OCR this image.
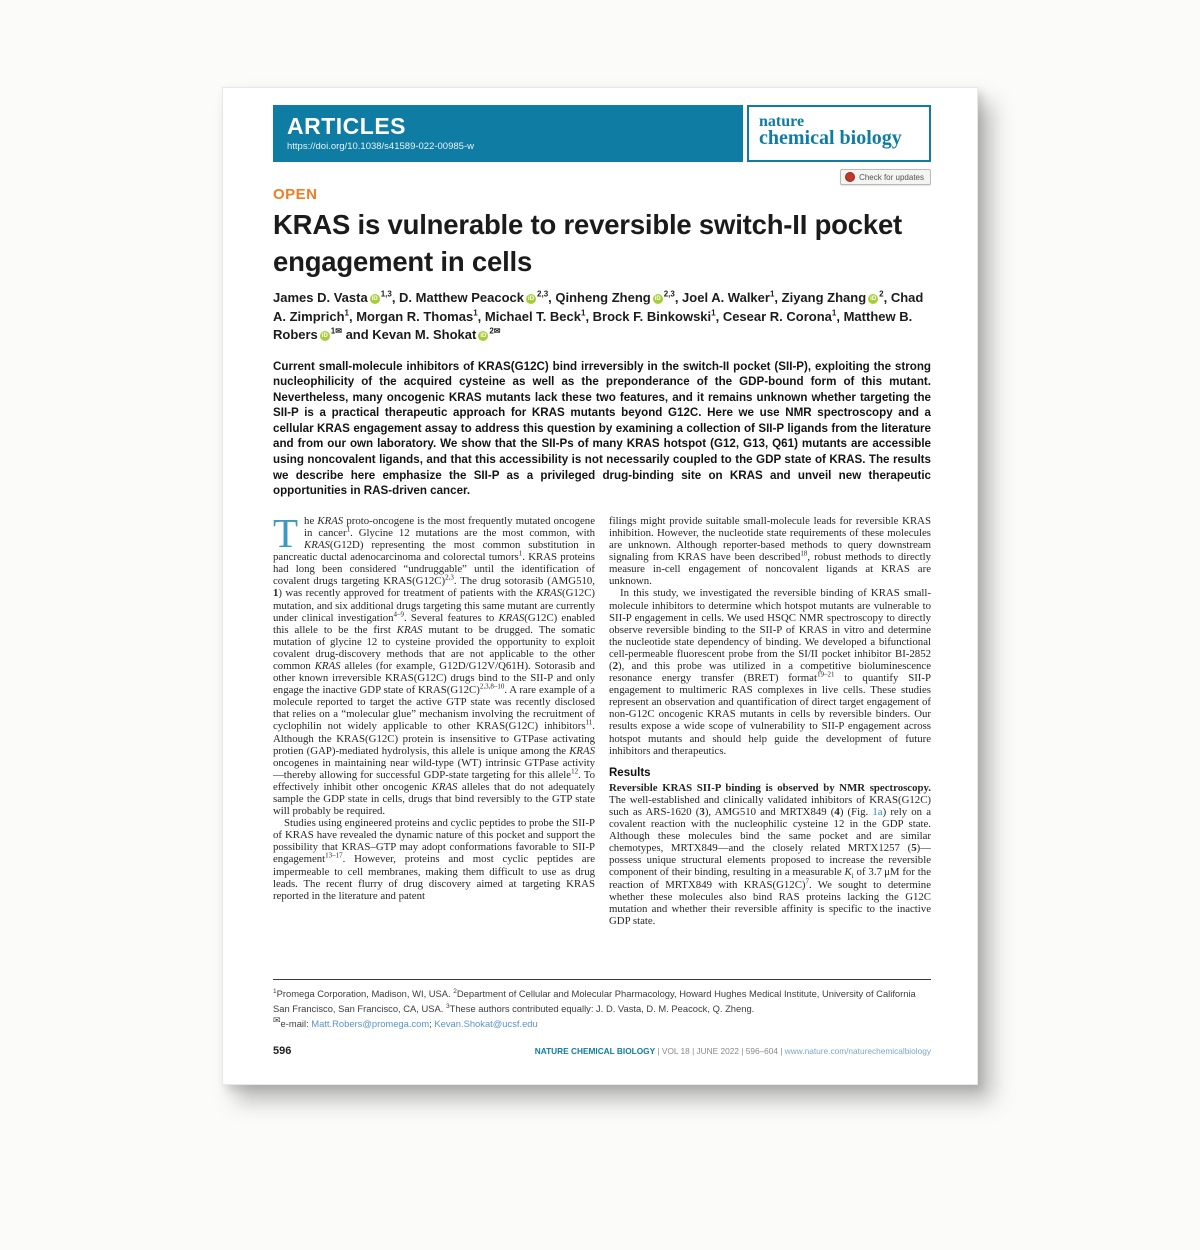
ARTICLES
https://doi.org/10.1038/s41589-022-00985-w
nature
chemical biology
Check for updates
OPEN
KRAS is vulnerable to reversible switch-II pocket engagement in cells
James D. Vasta iD$^{1,3}$, D. Matthew Peacock iD$^{2,3}$, Qinheng Zheng iD$^{2,3}$, Joel A. Walker$^1$, Ziyang Zhang $iD^2$, Chad A. Zimprich$^1$, Morgan R. Thomas$^1$, Michael T. Beck$^1$, Brock F. Binkowski$^1$, Cesear R. Corona$^1$, Matthew B. Robers $iD^{1✉}$ and Kevan M. Shokat $iD^{2✉}$
Current small-molecule inhibitors of KRAS(G12C) bind irreversibly in the switch-II pocket (SII-P), exploiting the strong nucleophilicity of the acquired cysteine as well as the preponderance of the GDP-bound form of this mutant. Nevertheless, many oncogenic KRAS mutants lack these two features, and it remains unknown whether targeting the SII-P is a practical therapeutic approach for KRAS mutants beyond G12C. Here we use NMR spectroscopy and a cellular KRAS engagement assay to address this question by examining a collection of SII-P ligands from the literature and from our own laboratory. We show that the SII-Ps of many KRAS hotspot (G12, G13, Q61) mutants are accessible using noncovalent ligands, and that this accessibility is not necessarily coupled to the GDP state of KRAS. The results we describe here emphasize the SII-P as a privileged drug-binding site on KRAS and unveil new therapeutic opportunities in RAS-driven cancer.

The KRAS proto-oncogene is the most frequently mutated oncogene in cancer$^1$. Glycine 12 mutations are the most common, with KRAS(G12D) representing the most common substitution in pancreatic ductal adenocarcinoma and colorectal tumors$^1$. KRAS proteins had long been considered “undruggable” until the identification of covalent drugs targeting $KRAS(G12C)^{2,3}$. The drug sotorasib (AMG510, 1) was recently approved for treatment of patients with the KRAS(G12C) mutation, and six additional drugs targeting this same mutant are currently under clinical investigation$^{4-9}$. Several features to KRAS(G12C) enabled this allele to be the first KRAS mutant to be drugged. The somatic mutation of glycine 12 to cysteine provided the opportunity to exploit covalent drug-discovery methods that are not applicable to the other common KRAS alleles (for example, G12D/G12V/Q61H). Sotorasib and other known irreversible KRAS(G12C) drugs bind to the SII-P and only engage the inactive GDP state of $KRAS(G12C)^{2,3,8-10}$. A rare example of a molecule reported to target the active GTP state was recently disclosed that relies on a “molecular glue” mechanism involving the recruitment of cyclophilin not widely applicable to other KRAS(G12C) inhibitors$^{11}$. Although the KRAS(G12C) protein is insensitive to GTPase activating protien (GAP)-mediated hydrolysis, this allele is unique among the KRAS oncogenes in maintaining near wild-type (WT) intrinsic GTPase activity—thereby allowing for successful GDP-state targeting for this allele$^{12}$. To effectively inhibit other oncogenic KRAS alleles that do not adequately sample the GDP state in cells, drugs that bind reversibly to the GTP state will probably be required.

Studies using engineered proteins and cyclic peptides to probe the SII-P of KRAS have revealed the dynamic nature of this pocket and support the possibility that KRAS–GTP may adopt conformations favorable to SII-P engagement$^{13-17}$. However, proteins and most cyclic peptides are impermeable to cell membranes, making them difficult to use as drug leads. The recent flurry of drug discovery aimed at targeting KRAS reported in the literature and patent

filings might provide suitable small-molecule leads for reversible KRAS inhibition. However, the nucleotide state requirements of these molecules are unknown. Although reporter-based methods to query downstream signaling from KRAS have been described$^{18}$, robust methods to directly measure in-cell engagement of noncovalent ligands at KRAS are unknown.

In this study, we investigated the reversible binding of KRAS small-molecule inhibitors to determine which hotspot mutants are vulnerable to SII-P engagement in cells. We used HSQC NMR spectroscopy to directly observe reversible binding to the SII-P of KRAS in vitro and determine the nucleotide state dependency of binding. We developed a bifunctional cell-permeable fluorescent probe from the SI/II pocket inhibitor BI-2852 (2), and this probe was utilized in a competitive bioluminescence resonance energy transfer (BRET) format$^{19-21}$ to quantify SII-P engagement to multimeric RAS complexes in live cells. These studies represent an observation and quantification of direct target engagement of non-G12C oncogenic KRAS mutants in cells by reversible binders. Our results expose a wide scope of vulnerability to SII-P engagement across hotspot mutants and should help guide the development of future inhibitors and therapeutics.

Results

Reversible KRAS SII-P binding is observed by NMR spectroscopy. The well-established and clinically validated inhibitors of KRAS(G12C) such as ARS-1620 (3), AMG510 and MRTX849 (4) (Fig. 1a) rely on a covalent reaction with the nucleophilic cysteine 12 in the GDP state. Although these molecules bind the same pocket and are similar chemotypes, MRTX849—and the closely related MRTX1257 (5)—possess unique structural elements proposed to increase the reversible component of their binding, resulting in a measurable $K_i$ of 3.7 μM for the reaction of MRTX849 with $KRAS(G12C)^7$. We sought to determine whether these molecules also bind RAS proteins lacking the G12C mutation and whether their reversible affinity is specific to the inactive GDP state.

$^1$Promega Corporation, Madison, WI, USA. $^2$Department of Cellular and Molecular Pharmacology, Howard Hughes Medical Institute, University of California San Francisco, San Francisco, CA, USA. $^3$These authors contributed equally: J. D. Vasta, D. M. Peacock, Q. Zheng.
✉e-mail: Matt.Robers@promega.com; Kevan.Shokat@ucsf.edu
596	NATURE CHEMICAL BIOLOGY | VOL 18 | JUNE 2022 | 596–604 | www.nature.com/naturechemicalbiology
